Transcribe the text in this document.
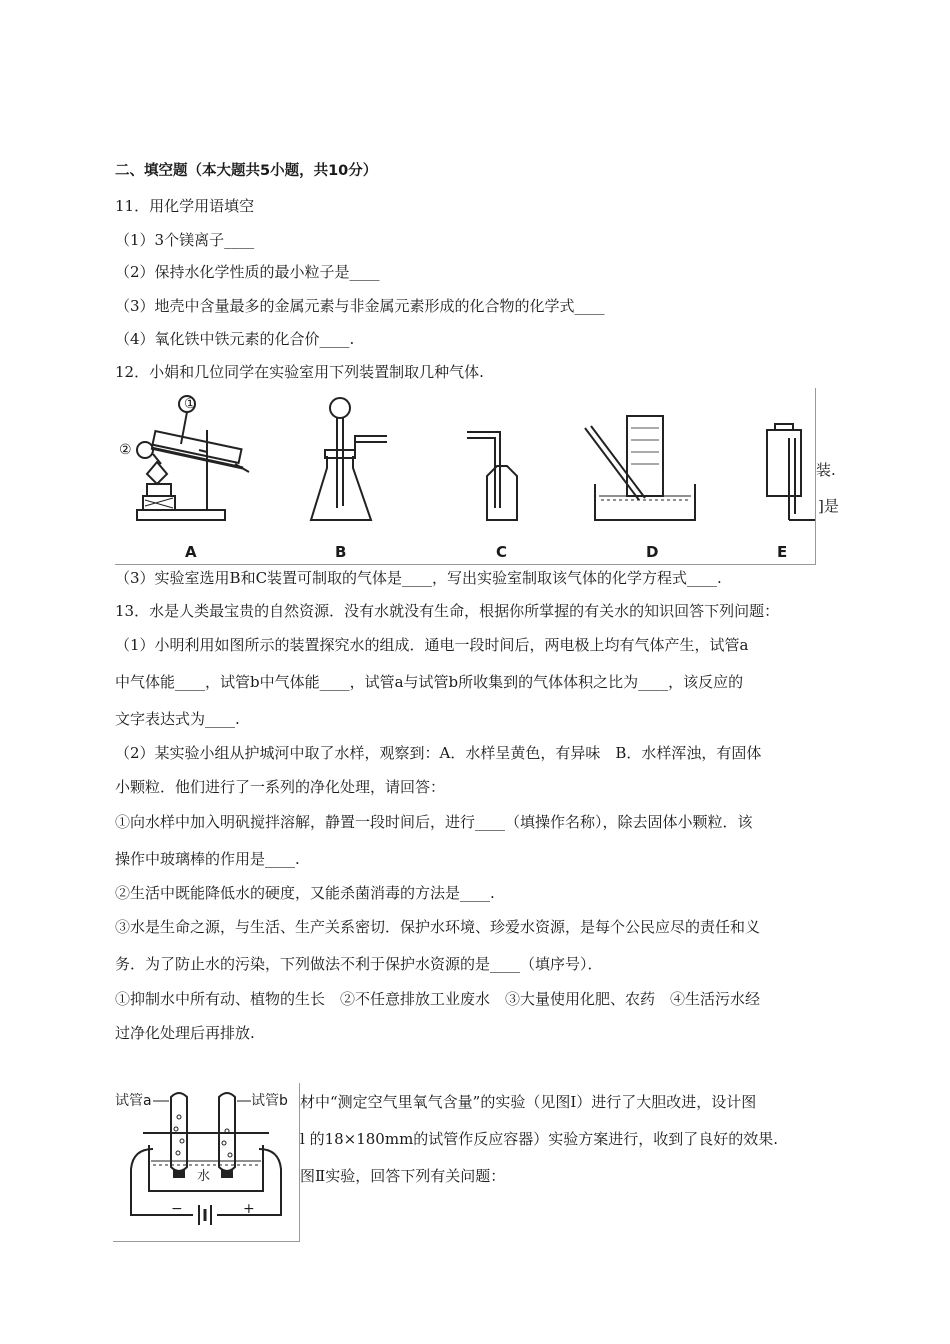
二、填空题（本大题共5小题，共10分）
11．用化学用语填空
（1）3个镁离子____
（2）保持水化学性质的最小粒子是____
（3）地壳中含量最多的金属元素与非金属元素形成的化合物的化学式____
（4）氧化铁中铁元素的化合价____.
12．小娟和几位同学在实验室用下列装置制取几种气体.
①
②
A	B	C	D	E
装.
]是
（3）实验室选用B和C装置可制取的气体是____，写出实验室制取该气体的化学方程式____.
13．水是人类最宝贵的自然资源．没有水就没有生命，根据你所掌握的有关水的知识回答下列问题：
（1）小明利用如图所示的装置探究水的组成．通电一段时间后，两电极上均有气体产生，试管a
中气体能____，试管b中气体能____，试管a与试管b所收集到的气体体积之比为____，该反应的
文字表达式为____.
（2）某实验小组从护城河中取了水样，观察到：A．水样呈黄色，有异味　B．水样浑浊，有固体
小颗粒．他们进行了一系列的净化处理，请回答：
①向水样中加入明矾搅拌溶解，静置一段时间后，进行____（填操作名称），除去固体小颗粒．该
操作中玻璃棒的作用是____.
②生活中既能降低水的硬度，又能杀菌消毒的方法是____.
③水是生命之源，与生活、生产关系密切．保护水环境、珍爱水资源，是每个公民应尽的责任和义
务．为了防止水的污染，下列做法不利于保护水资源的是____（填序号）．
①抑制水中所有动、植物的生长　②不任意排放工业废水　③大量使用化肥、农药　④生活污水经
过净化处理后再排放.
试管a	试管b
水
−	+
材中“测定空气里氧气含量”的实验（见图Ⅰ）进行了大胆改进，设计图
l 的18×180mm的试管作反应容器）实验方案进行，收到了良好的效果.
图Ⅱ实验，回答下列有关问题：
